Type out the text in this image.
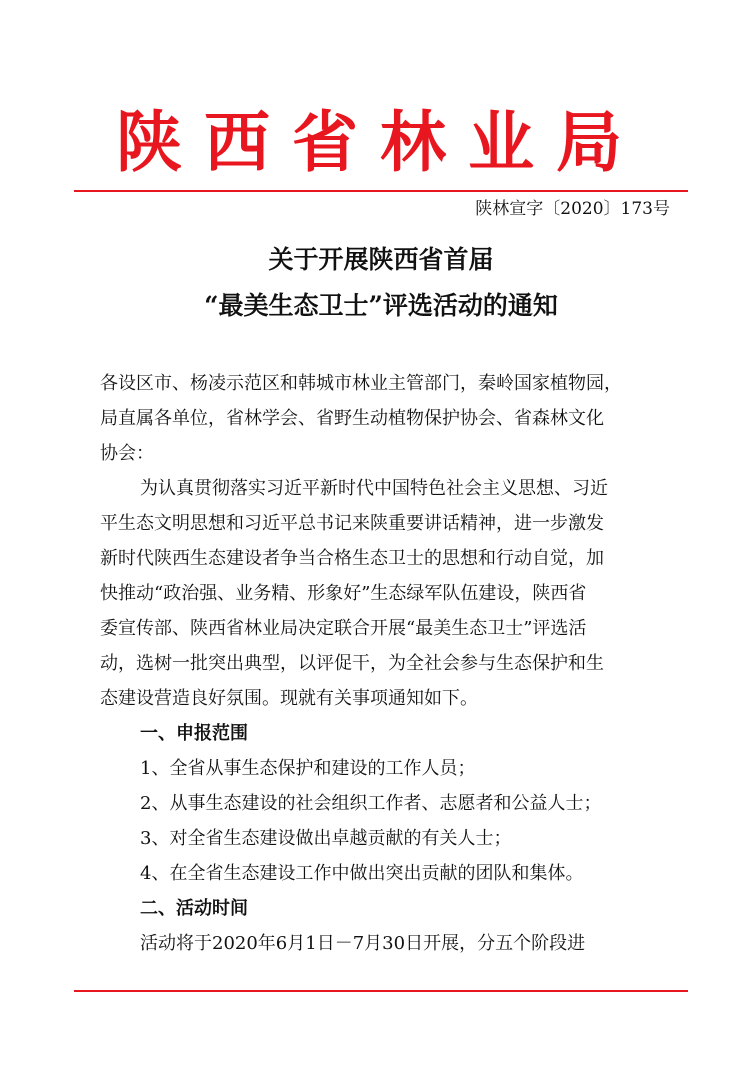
陕西省林业局
陕林宣字〔2020〕173号
关于开展陕西省首届
“最美生态卫士”评选活动的通知
各设区市、杨凌示范区和韩城市林业主管部门，秦岭国家植物园，
局直属各单位，省林学会、省野生动植物保护协会、省森林文化
协会：
为认真贯彻落实习近平新时代中国特色社会主义思想、习近
平生态文明思想和习近平总书记来陕重要讲话精神，进一步激发
新时代陕西生态建设者争当合格生态卫士的思想和行动自觉，加
快推动“政治强、业务精、形象好”生态绿军队伍建设，陕西省
委宣传部、陕西省林业局决定联合开展“最美生态卫士”评选活
动，选树一批突出典型，以评促干，为全社会参与生态保护和生
态建设营造良好氛围。现就有关事项通知如下。
一、申报范围
1、全省从事生态保护和建设的工作人员；
2、从事生态建设的社会组织工作者、志愿者和公益人士；
3、对全省生态建设做出卓越贡献的有关人士；
4、在全省生态建设工作中做出突出贡献的团队和集体。
二、活动时间
活动将于2020年6月1日－7月30日开展，分五个阶段进
